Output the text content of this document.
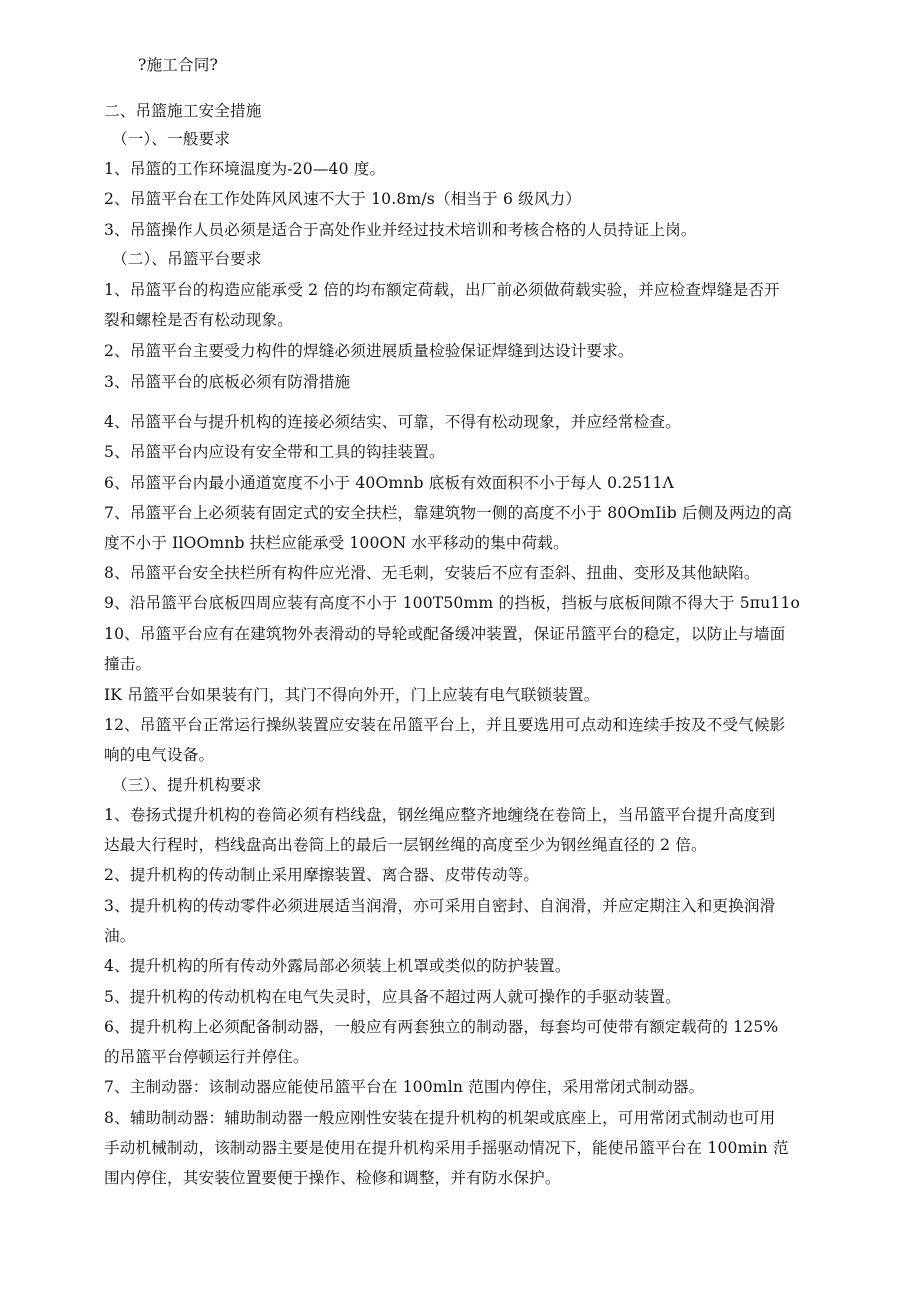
?施工合同?
二、吊篮施工安全措施
（一）、一般要求
1、吊篮的工作环境温度为-20—40 度。
2、吊篮平台在工作处阵风风速不大于 10.8m/s（相当于 6 级风力）
3、吊篮操作人员必须是适合于高处作业并经过技术培训和考核合格的人员持证上岗。
（二）、吊篮平台要求
1、吊篮平台的构造应能承受 2 倍的均布额定荷载，出厂前必须做荷载实验，并应检查焊缝是否开
裂和螺栓是否有松动现象。
2、吊篮平台主要受力构件的焊缝必须进展质量检验保证焊缝到达设计要求。
3、吊篮平台的底板必须有防滑措施
4、吊篮平台与提升机构的连接必须结实、可靠，不得有松动现象，并应经常检查。
5、吊篮平台内应设有安全带和工具的钩挂装置。
6、吊篮平台内最小通道宽度不小于 40Omnb 底板有效面积不小于每人 0.2511Λ
7、吊篮平台上必须装有固定式的安全扶栏，靠建筑物一侧的高度不小于 80OmIib 后侧及两边的高
度不小于 IlOOmnb 扶栏应能承受 100ON 水平移动的集中荷载。
8、吊篮平台安全扶栏所有构件应光滑、无毛刺，安装后不应有歪斜、扭曲、变形及其他缺陷。
9、沿吊篮平台底板四周应装有高度不小于 100T50mm 的挡板，挡板与底板间隙不得大于 5πu11o
10、吊篮平台应有在建筑物外表滑动的导轮或配备缓冲装置，保证吊篮平台的稳定，以防止与墙面
撞击。
IK 吊篮平台如果装有门，其门不得向外开，门上应装有电气联锁装置。
12、吊篮平台正常运行操纵装置应安装在吊篮平台上，并且要选用可点动和连续手按及不受气候影
响的电气设备。
（三）、提升机构要求
1、卷扬式提升机构的卷筒必须有档线盘，钢丝绳应整齐地缠绕在卷筒上，当吊篮平台提升高度到
达最大行程时，档线盘高出卷筒上的最后一层钢丝绳的高度至少为钢丝绳直径的 2 倍。
2、提升机构的传动制止采用摩擦装置、离合器、皮带传动等。
3、提升机构的传动零件必须进展适当润滑，亦可采用自密封、自润滑，并应定期注入和更换润滑
油。
4、提升机构的所有传动外露局部必须装上机罩或类似的防护装置。
5、提升机构的传动机构在电气失灵时，应具备不超过两人就可操作的手驱动装置。
6、提升机构上必须配备制动器，一般应有两套独立的制动器，每套均可使带有额定载荷的 125%
的吊篮平台停顿运行并停住。
7、主制动器：该制动器应能使吊篮平台在 100mln 范围内停住，采用常闭式制动器。
8、辅助制动器：辅助制动器一般应刚性安装在提升机构的机架或底座上，可用常闭式制动也可用
手动机械制动，该制动器主要是使用在提升机构采用手摇驱动情况下，能使吊篮平台在 100min 范
围内停住，其安装位置要便于操作、检修和调整，并有防水保护。
